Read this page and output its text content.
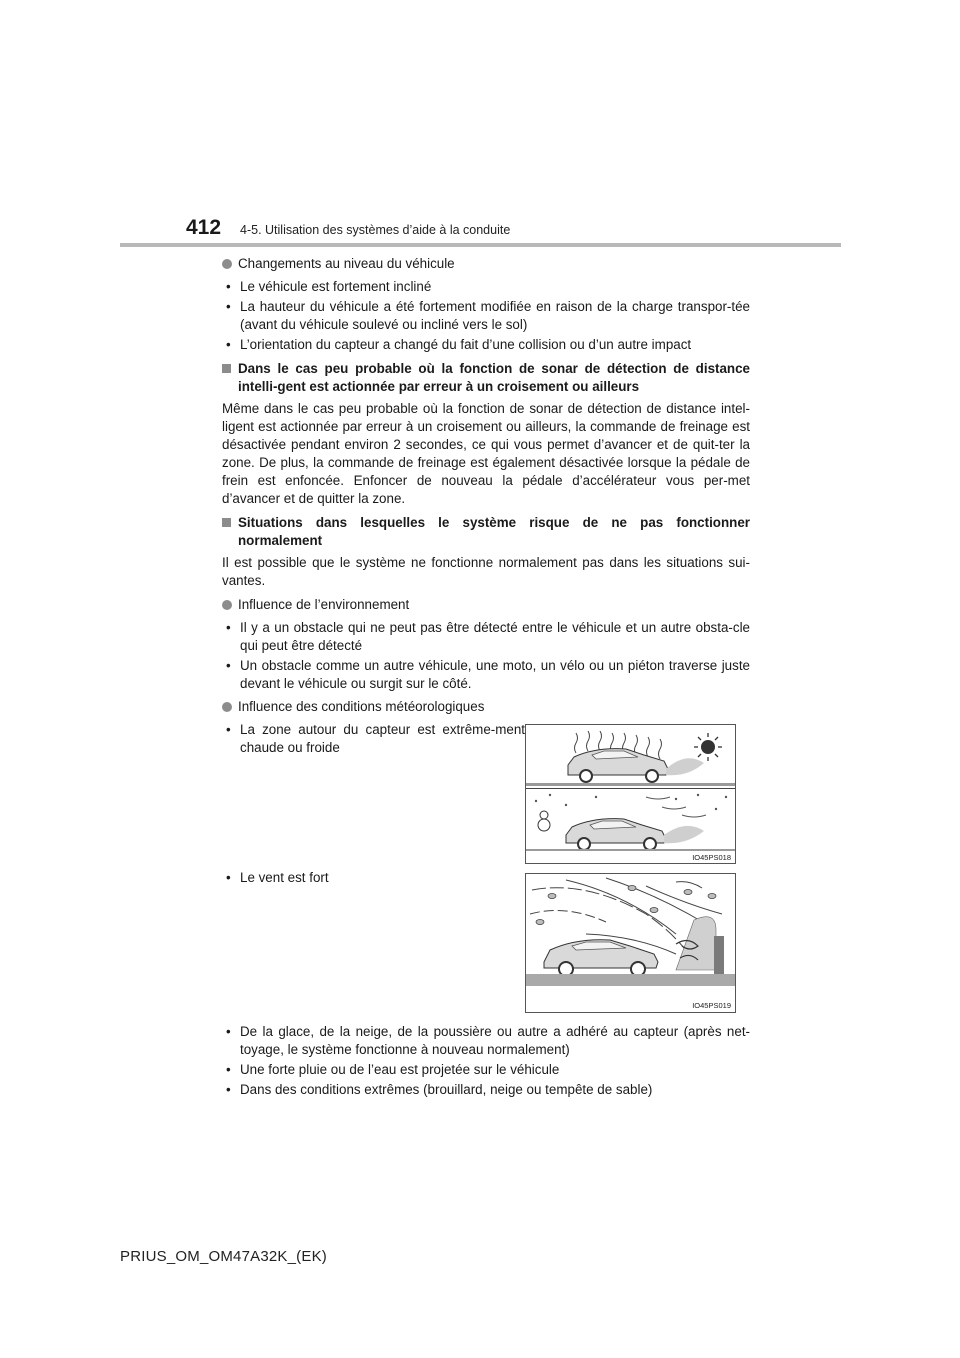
412 4-5. Utilisation des systèmes d’aide à la conduite
Changements au niveau du véhicule
• Le véhicule est fortement incliné
• La hauteur du véhicule a été fortement modifiée en raison de la charge transpor-tée (avant du véhicule soulevé ou incliné vers le sol)
• L’orientation du capteur a changé du fait d’une collision ou d’un autre impact
Dans le cas peu probable où la fonction de sonar de détection de distance intelli-gent est actionnée par erreur à un croisement ou ailleurs
Même dans le cas peu probable où la fonction de sonar de détection de distance intel-ligent est actionnée par erreur à un croisement ou ailleurs, la commande de freinage est désactivée pendant environ 2 secondes, ce qui vous permet d’avancer et de quit-ter la zone. De plus, la commande de freinage est également désactivée lorsque la pédale de frein est enfoncée. Enfoncer de nouveau la pédale d’accélérateur vous per-met d’avancer et de quitter la zone.
Situations dans lesquelles le système risque de ne pas fonctionner normalement
Il est possible que le système ne fonctionne normalement pas dans les situations sui-vantes.
Influence de l’environnement
• Il y a un obstacle qui ne peut pas être détecté entre le véhicule et un autre obsta-cle qui peut être détecté
• Un obstacle comme un autre véhicule, une moto, un vélo ou un piéton traverse juste devant le véhicule ou surgit sur le côté.
Influence des conditions météorologiques
• La zone autour du capteur est extrême-ment chaude ou froide
IO45PS018
• Le vent est fort
IO45PS019
• De la glace, de la neige, de la poussière ou autre a adhéré au capteur (après net-toyage, le système fonctionne à nouveau normalement)
• Une forte pluie ou de l’eau est projetée sur le véhicule
• Dans des conditions extrêmes (brouillard, neige ou tempête de sable)
PRIUS_OM_OM47A32K_(EK)
